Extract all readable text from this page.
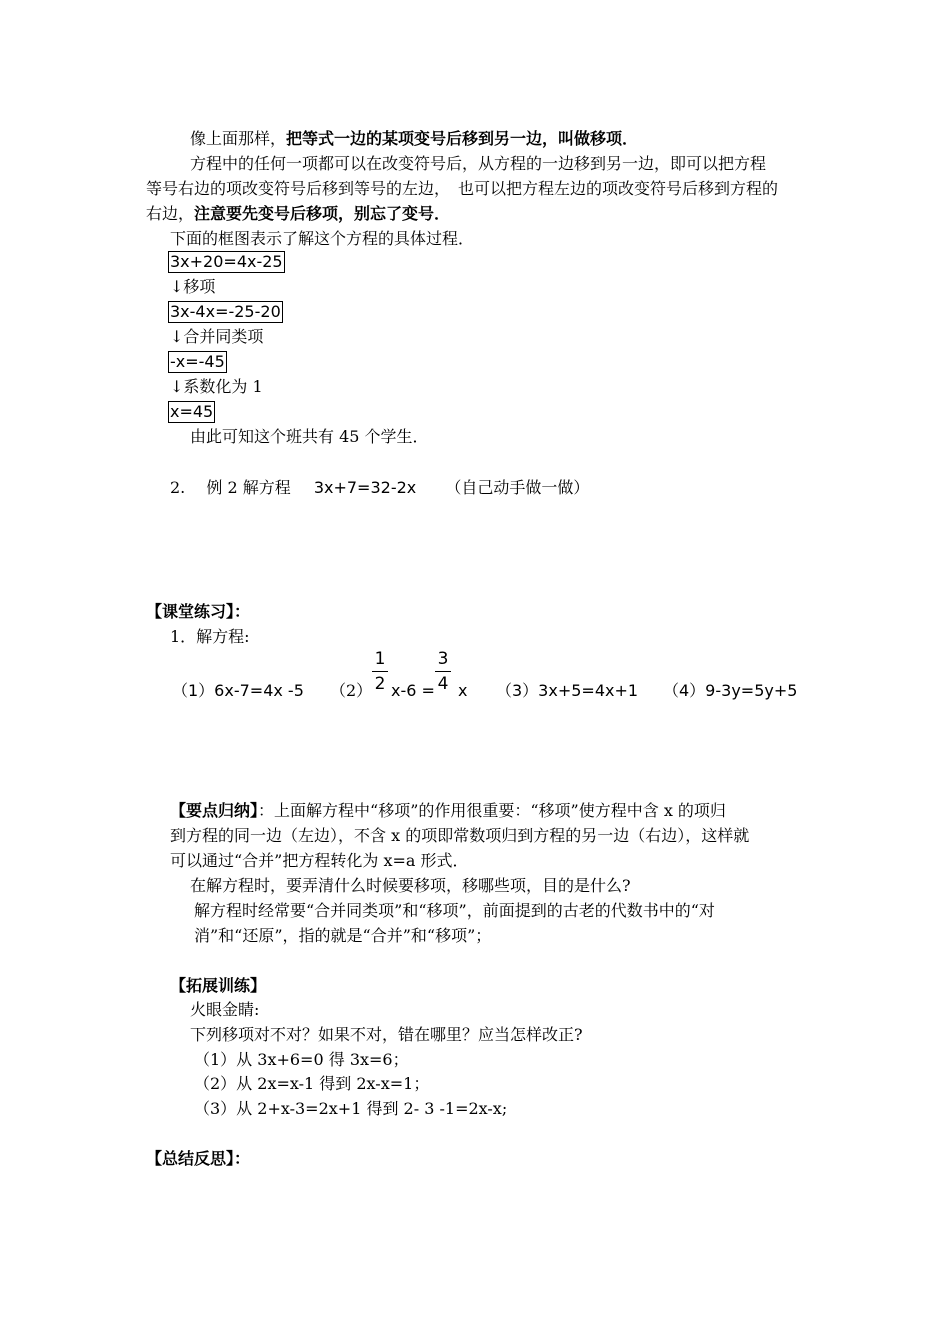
像上面那样，把等式一边的某项变号后移到另一边，叫做移项．
方程中的任何一项都可以在改变符号后，从方程的一边移到另一边，即可以把方程
等号右边的项改变符号后移到等号的左边，　也可以把方程左边的项改变符号后移到方程的
右边，注意要先变号后移项，别忘了变号．
下面的框图表示了解这个方程的具体过程．
3x+20=4x-25
↓移项
3x-4x=-25-20
↓合并同类项
-x=-45
↓系数化为 1
x=45
由此可知这个班共有 45 个学生．
2. 例 2 解方程 3x+7=32-2x （自己动手做一做）
【课堂练习】：
1．解方程:
（1）6x-7=4x -5 （2）
1
2 x-6 =
3
4 x （3）3x+5=4x+1 （4）9-3y=5y+5
【要点归纳】：上面解方程中“移项”的作用很重要：“移项”使方程中含 x 的项归
到方程的同一边（左边），不含 x 的项即常数项归到方程的另一边（右边），这样就
可以通过“合并”把方程转化为 x=a 形式．
在解方程时，要弄清什么时候要移项，移哪些项，目的是什么?
解方程时经常要“合并同类项”和“移项”，前面提到的古老的代数书中的“对
消”和“还原”，指的就是“合并”和“移项”；
【拓展训练】
火眼金睛:
下列移项对不对？如果不对，错在哪里？应当怎样改正?
（1）从 3x+6=0 得 3x=6；
（2）从 2x=x-1 得到 2x-x=1；
（3）从 2+x-3=2x+1 得到 2- 3 -1=2x-x;
【总结反思】：
